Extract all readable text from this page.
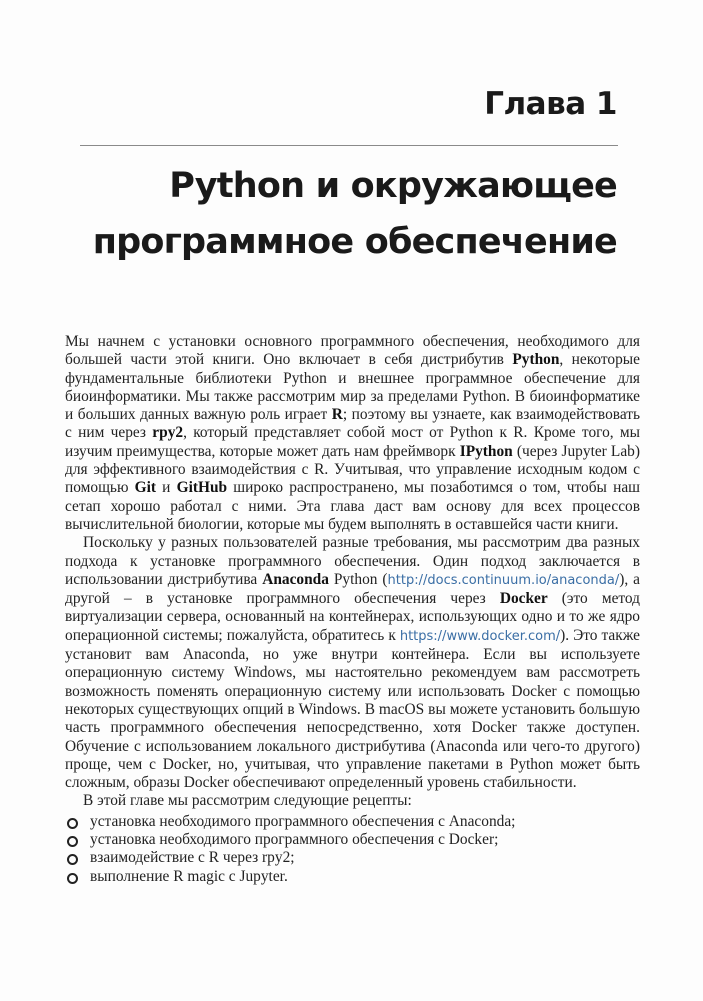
Глава 1
Python и окружающее
программное обеспечение

Мы начнем с установки основного программного обеспечения, необходимого для большей части этой книги. Оно включает в себя дистрибутив Python, некоторые фундаментальные библиотеки Python и внешнее программное обеспечение для биоинформатики. Мы также рассмотрим мир за пределами Python. В биоинформатике и больших данных важную роль играет R; поэтому вы узнаете, как взаимодействовать с ним через rpy2, который представляет собой мост от Python к R. Кроме того, мы изучим преимущества, которые может дать нам фреймворк IPython (через Jupyter Lab) для эффективного взаимодействия с R. Учитывая, что управление исходным кодом с помощью Git и GitHub широко распространено, мы позаботимся о том, чтобы наш сетап хорошо работал с ними. Эта глава даст вам основу для всех процессов вычислительной биологии, которые мы будем выполнять в оставшейся части книги.

Поскольку у разных пользователей разные требования, мы рассмотрим два разных подхода к установке программного обеспечения. Один подход заключается в использовании дистрибутива Anaconda Python (http://docs.continuum.io/anaconda/), а другой – в установке программного обеспечения через Docker (это метод виртуализации сервера, основанный на контейнерах, использующих одно и то же ядро операционной системы; пожалуйста, обратитесь к https://www.docker.com/). Это также установит вам Anaconda, но уже внутри контейнера. Если вы используете операционную систему Windows, мы настоятельно рекомендуем вам рассмотреть возможность поменять операционную систему или использовать Docker с помощью некоторых существующих опций в Windows. В macOS вы можете установить большую часть программного обеспечения непосредственно, хотя Docker также доступен. Обучение с использованием локального дистрибутива (Anaconda или чего-то другого) проще, чем с Docker, но, учитывая, что управление пакетами в Python может быть сложным, образы Docker обеспечивают определенный уровень стабильности.

В этой главе мы рассмотрим следующие рецепты:

установка необходимого программного обеспечения с Anaconda;
установка необходимого программного обеспечения с Docker;
взаимодействие с R через rpy2;
выполнение R magic с Jupyter.
